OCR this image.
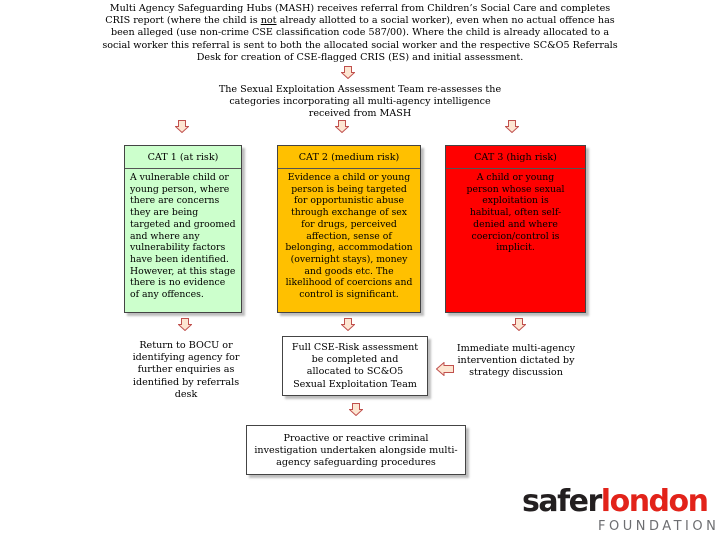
Multi Agency Safeguarding Hubs (MASH) receives referral from Children’s Social Care and completes CRIS report (where the child is not already allotted to a social worker), even when no actual offence has been alleged (use non-crime CSE classification code 587/00). Where the child is already allocated to a social worker this referral is sent to both the allocated social worker and the respective SC&O5 Referrals Desk for creation of CSE-flagged CRIS (ES) and initial assessment.
The Sexual Exploitation Assessment Team re-assesses the categories incorporating all multi-agency intelligence received from MASH
CAT 1 (at risk)
A vulnerable child or young person, where there are concerns they are being targeted and groomed and where any vulnerability factors have been identified. However, at this stage there is no evidence of any offences.
CAT 2 (medium risk)
Evidence a child or young person is being targeted for opportunistic abuse through exchange of sex for drugs, perceived affection, sense of belonging, accommodation (overnight stays), money and goods etc. The likelihood of coercions and control is significant.
CAT 3 (high risk)
A child or young person whose sexual exploitation is habitual, often self-denied and where coercion/control is implicit.
Return to BOCU or identifying agency for further enquiries as identified by referrals desk
Full CSE-Risk assessment be completed and allocated to SC&O5 Sexual Exploitation Team
Immediate multi-agency intervention dictated by strategy discussion
Proactive or reactive criminal investigation undertaken alongside multi-agency safeguarding procedures
saferlondon
FOUNDATION
